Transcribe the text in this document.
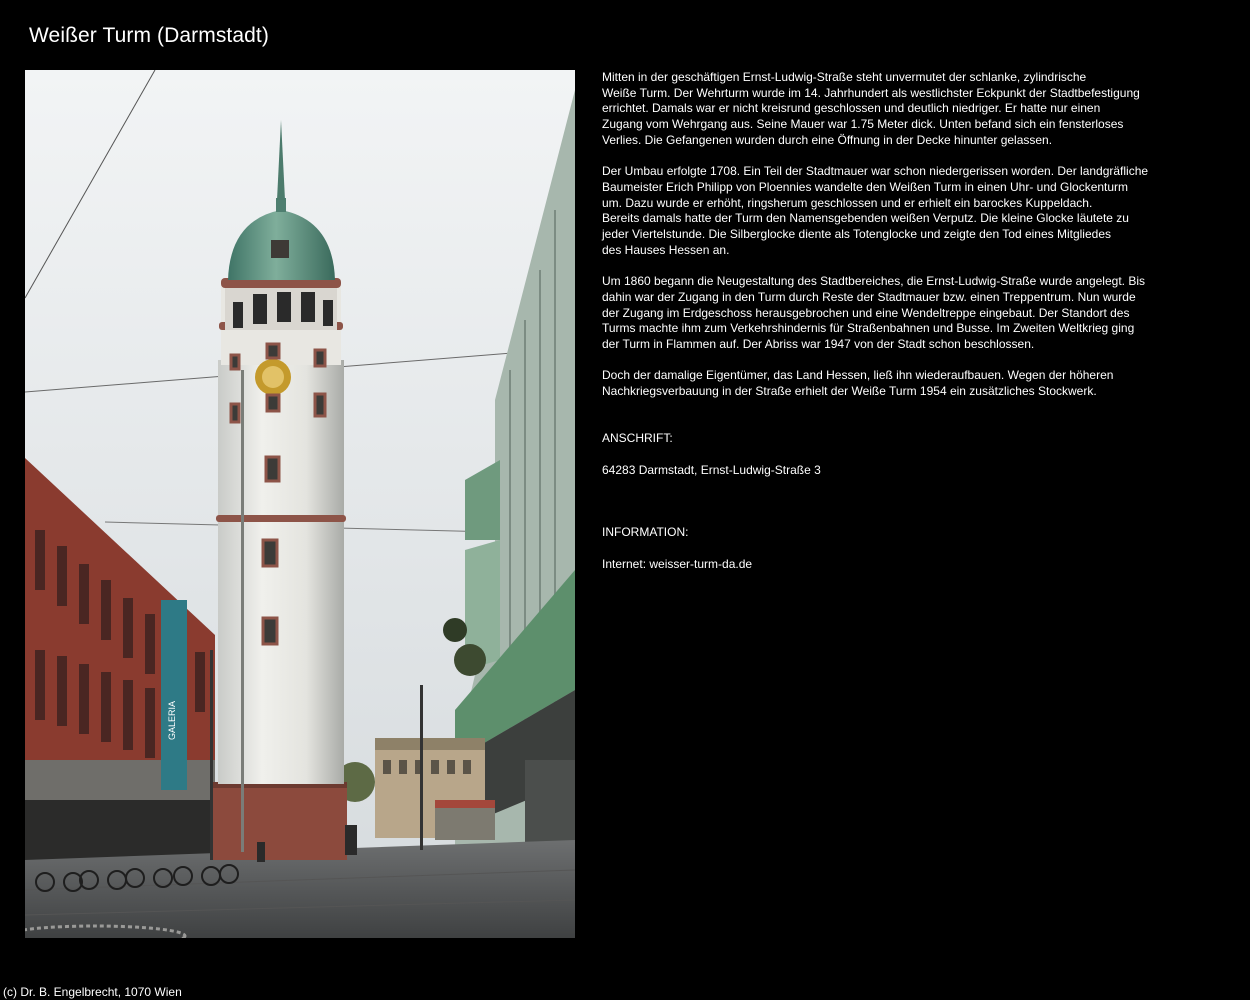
Weißer Turm (Darmstadt)
GALERIA

Mitten in der geschäftigen Ernst-Ludwig-Straße steht unvermutet der schlanke, zylindrische
Weiße Turm. Der Wehrturm wurde im 14. Jahrhundert als westlichster Eckpunkt der Stadtbefestigung
errichtet. Damals war er nicht kreisrund geschlossen und deutlich niedriger. Er hatte nur einen
Zugang vom Wehrgang aus. Seine Mauer war 1.75 Meter dick. Unten befand sich ein fensterloses
Verlies. Die Gefangenen wurden durch eine Öffnung in der Decke hinunter gelassen.

Der Umbau erfolgte 1708. Ein Teil der Stadtmauer war schon niedergerissen worden. Der landgräfliche
Baumeister Erich Philipp von Ploennies wandelte den Weißen Turm in einen Uhr- und Glockenturm
um. Dazu wurde er erhöht, ringsherum geschlossen und er erhielt ein barockes Kuppeldach.
Bereits damals hatte der Turm den Namensgebenden weißen Verputz. Die kleine Glocke läutete zu
jeder Viertelstunde. Die Silberglocke diente als Totenglocke und zeigte den Tod eines Mitgliedes
des Hauses Hessen an.

Um 1860 begann die Neugestaltung des Stadtbereiches, die Ernst-Ludwig-Straße wurde angelegt. Bis
dahin war der Zugang in den Turm durch Reste der Stadtmauer bzw. einen Treppentrum. Nun wurde
der Zugang im Erdgeschoss herausgebrochen und eine Wendeltreppe eingebaut. Der Standort des
Turms machte ihm zum Verkehrshindernis für Straßenbahnen und Busse. Im Zweiten Weltkrieg ging
der Turm in Flammen auf. Der Abriss war 1947 von der Stadt schon beschlossen.

Doch der damalige Eigentümer, das Land Hessen, ließ ihn wiederaufbauen. Wegen der höheren
Nachkriegsverbauung in der Straße erhielt der Weiße Turm 1954 ein zusätzliches Stockwerk.

ANSCHRIFT:

64283 Darmstadt, Ernst-Ludwig-Straße 3

INFORMATION:

Internet: weisser-turm-da.de

(c) Dr. B. Engelbrecht, 1070 Wien
